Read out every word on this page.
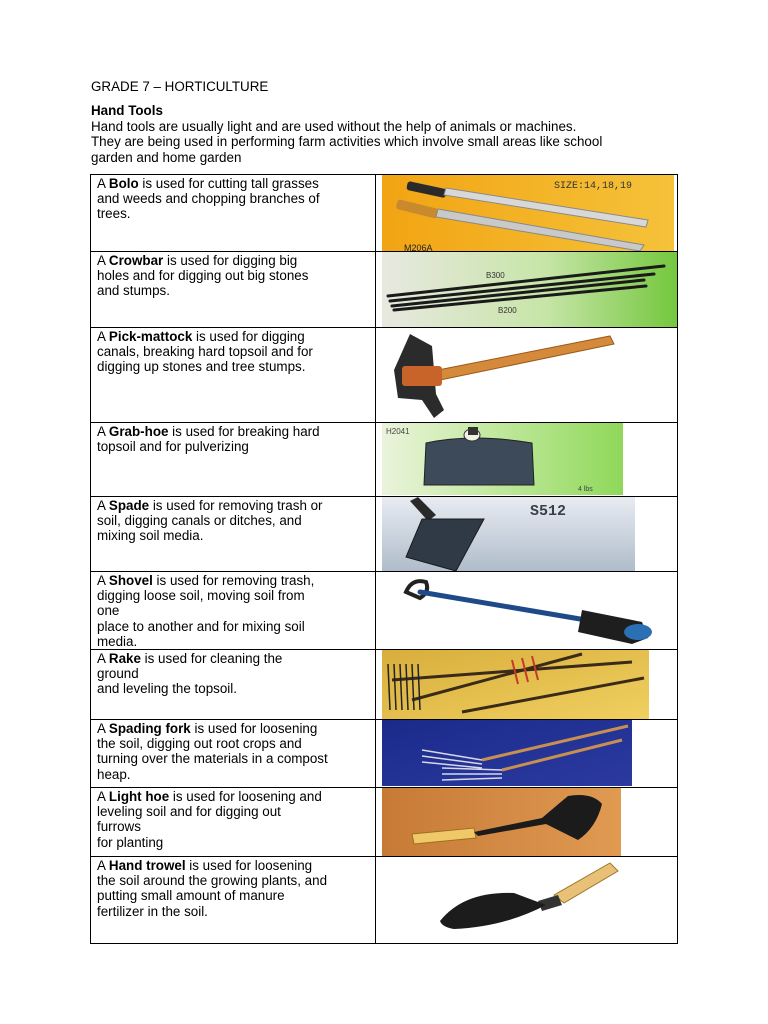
GRADE 7 – HORTICULTURE
Hand Tools

Hand tools are usually light and are used without the help of animals or machines.

They are being used in performing farm activities which involve small areas like school

garden and home garden

A Bolo is used for cutting tall grasses
and weeds and chopping branches of
trees.	SIZE:14,18,19
M206A

A Crowbar is used for digging big
holes and for digging out big stones
and stumps.	B300
B200

A Pick-mattock is used for digging
canals, breaking hard topsoil and for
digging up stones and tree stumps.	

A Grab-hoe is used for breaking hard
topsoil and for pulverizing	H2041
4 lbs

A Spade is used for removing trash or
soil, digging canals or ditches, and
mixing soil media.	S512

A Shovel is used for removing trash,
digging loose soil, moving soil from
one
place to another and for mixing soil
media.	

A Rake is used for cleaning the
ground
and leveling the topsoil.	

A Spading fork is used for loosening
the soil, digging out root crops and
turning over the materials in a compost
heap.	

A Light hoe is used for loosening and
leveling soil and for digging out
furrows
for planting	

A Hand trowel is used for loosening
the soil around the growing plants, and
putting small amount of manure
fertilizer in the soil.	
